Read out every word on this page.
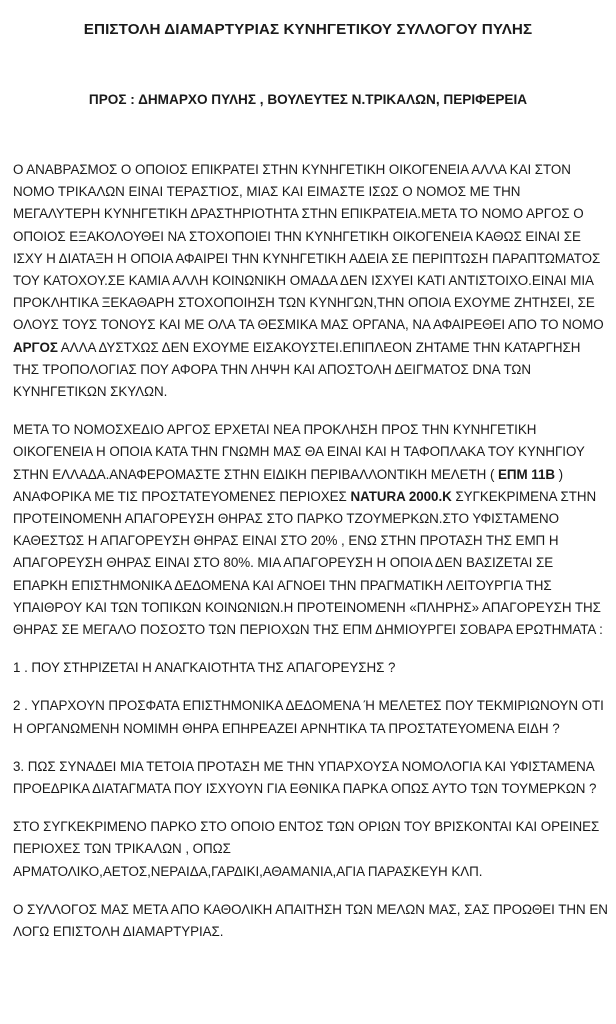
ΕΠΙΣΤΟΛΗ ΔΙΑΜΑΡΤΥΡΙΑΣ ΚΥΝΗΓΕΤΙΚΟΥ ΣΥΛΛΟΓΟΥ ΠΥΛΗΣ
ΠΡΟΣ : ΔΗΜΑΡΧΟ ΠΥΛΗΣ , ΒΟΥΛΕΥΤΕΣ Ν.ΤΡΙΚΑΛΩΝ, ΠΕΡΙΦΕΡΕΙΑ

Ο ΑΝΑΒΡΑΣΜΟΣ Ο ΟΠΟΙΟΣ ΕΠΙΚΡΑΤΕΙ ΣΤΗΝ ΚΥΝΗΓΕΤΙΚΗ ΟΙΚΟΓΕΝΕΙΑ ΑΛΛΑ ΚΑΙ ΣΤΟΝ ΝΟΜΟ ΤΡΙΚΑΛΩΝ ΕΙΝΑΙ ΤΕΡΑΣΤΙΟΣ, ΜΙΑΣ ΚΑΙ ΕΙΜΑΣΤΕ ΙΣΩΣ Ο ΝΟΜΟΣ ΜΕ ΤΗΝ ΜΕΓΑΛΥΤΕΡΗ ΚΥΝΗΓΕΤΙΚΗ ΔΡΑΣΤΗΡΙΟΤΗΤΑ ΣΤΗΝ ΕΠΙΚΡΑΤΕΙΑ.ΜΕΤΑ ΤΟ ΝΟΜΟ ΑΡΓΟΣ Ο ΟΠΟΙΟΣ ΕΞΑΚΟΛΟΥΘΕΙ ΝΑ ΣΤΟΧΟΠΟΙΕΙ ΤΗΝ ΚΥΝΗΓΕΤΙΚΗ ΟΙΚΟΓΕΝΕΙΑ ΚΑΘΩΣ ΕΙΝΑΙ ΣΕ ΙΣΧΥ Η ΔΙΑΤΑΞΗ Η ΟΠΟΙΑ ΑΦΑΙΡΕΙ ΤΗΝ ΚΥΝΗΓΕΤΙΚΗ ΑΔΕΙΑ ΣΕ ΠΕΡΙΠΤΩΣΗ ΠΑΡΑΠΤΩΜΑΤΟΣ ΤΟΥ ΚΑΤΟΧΟΥ.ΣΕ ΚΑΜΙΑ ΑΛΛΗ ΚΟΙΝΩΝΙΚΗ ΟΜΑΔΑ ΔΕΝ ΙΣΧΥΕΙ ΚΑΤΙ ΑΝΤΙΣΤΟΙΧΟ.ΕΙΝΑΙ ΜΙΑ ΠΡΟΚΛΗΤΙΚΑ ΞΕΚΑΘΑΡΗ ΣΤΟΧΟΠΟΙΗΣΗ ΤΩΝ ΚΥΝΗΓΩΝ,ΤΗΝ ΟΠΟΙΑ ΕΧΟΥΜΕ ΖΗΤΗΣΕΙ, ΣΕ ΟΛΟΥΣ ΤΟΥΣ ΤΟΝΟΥΣ ΚΑΙ ΜΕ ΟΛΑ ΤΑ ΘΕΣΜΙΚΑ ΜΑΣ ΟΡΓΑΝΑ, ΝΑ ΑΦΑΙΡΕΘΕΙ ΑΠΟ ΤΟ ΝΟΜΟ ΑΡΓΟΣ ΑΛΛΑ ΔΥΣΤΧΩΣ ΔΕΝ ΕΧΟΥΜΕ ΕΙΣΑΚΟΥΣΤΕΙ.ΕΠΙΠΛΕΟΝ ΖΗΤΑΜΕ ΤΗΝ ΚΑΤΑΡΓΗΣΗ ΤΗΣ ΤΡΟΠΟΛΟΓΙΑΣ ΠΟΥ ΑΦΟΡΑ ΤΗΝ ΛΗΨΗ ΚΑΙ ΑΠΟΣΤΟΛΗ ΔΕΙΓΜΑΤΟΣ DNA ΤΩΝ ΚΥΝΗΓΕΤΙΚΩΝ ΣΚΥΛΩΝ.

ΜΕΤΑ ΤΟ ΝΟΜΟΣΧΕΔΙΟ ΑΡΓΟΣ ΕΡΧΕΤΑΙ ΝΕΑ ΠΡΟΚΛΗΣΗ ΠΡΟΣ ΤΗΝ ΚΥΝΗΓΕΤΙΚΗ ΟΙΚΟΓΕΝΕΙΑ Η ΟΠΟΙΑ ΚΑΤΑ ΤΗΝ ΓΝΩΜΗ ΜΑΣ ΘΑ ΕΙΝΑΙ ΚΑΙ Η ΤΑΦΟΠΛΑΚΑ ΤΟΥ ΚΥΝΗΓΙΟΥ ΣΤΗΝ ΕΛΛΑΔΑ.ΑΝΑΦΕΡΟΜΑΣΤΕ ΣΤΗΝ ΕΙΔΙΚΗ ΠΕΡΙΒΑΛΛΟΝΤΙΚΗ ΜΕΛΕΤΗ ( ΕΠΜ 11Β ) ΑΝΑΦΟΡΙΚΑ ΜΕ ΤΙΣ ΠΡΟΣΤΑΤΕΥΟΜΕΝΕΣ ΠΕΡΙΟΧΕΣ NATURA 2000.Κ ΣΥΓΚΕΚΡΙΜΕΝΑ ΣΤΗΝ ΠΡΟΤΕΙΝΟΜΕΝΗ ΑΠΑΓΟΡΕΥΣΗ ΘΗΡΑΣ ΣΤΟ ΠΑΡΚΟ ΤΖΟΥΜΕΡΚΩΝ.ΣΤΟ ΥΦΙΣΤΑΜΕΝΟ ΚΑΘΕΣΤΩΣ Η ΑΠΑΓΟΡΕΥΣΗ ΘΗΡΑΣ ΕΙΝΑΙ ΣΤΟ 20% , ΕΝΩ ΣΤΗΝ ΠΡΟΤΑΣΗ ΤΗΣ ΕΜΠ Η ΑΠΑΓΟΡΕΥΣΗ ΘΗΡΑΣ ΕΙΝΑΙ ΣΤΟ 80%. ΜΙΑ ΑΠΑΓΟΡΕΥΣΗ Η ΟΠΟΙΑ ΔΕΝ ΒΑΣΙΖΕΤΑΙ ΣΕ ΕΠΑΡΚΗ ΕΠΙΣΤΗΜΟΝΙΚΑ ΔΕΔΟΜΕΝΑ ΚΑΙ ΑΓΝΟΕΙ ΤΗΝ ΠΡΑΓΜΑΤΙΚΗ ΛΕΙΤΟΥΡΓΙΑ ΤΗΣ ΥΠΑΙΘΡΟΥ ΚΑΙ ΤΩΝ ΤΟΠΙΚΩΝ ΚΟΙΝΩΝΙΩΝ.Η ΠΡΟΤΕΙΝΟΜΕΝΗ «ΠΛΗΡΗΣ» ΑΠΑΓΟΡΕΥΣΗ ΤΗΣ ΘΗΡΑΣ ΣΕ ΜΕΓΑΛΟ ΠΟΣΟΣΤΟ ΤΩΝ ΠΕΡΙΟΧΩΝ ΤΗΣ ΕΠΜ ΔΗΜΙΟΥΡΓΕΙ ΣΟΒΑΡΑ ΕΡΩΤΗΜΑΤΑ :

1 . ΠΟΥ ΣΤΗΡΙΖΕΤΑΙ Η ΑΝΑΓΚΑΙΟΤΗΤΑ ΤΗΣ ΑΠΑΓΟΡΕΥΣΗΣ ?

2 . ΥΠΑΡΧΟΥΝ ΠΡΟΣΦΑΤΑ ΕΠΙΣΤΗΜΟΝΙΚΑ ΔΕΔΟΜΕΝΑ Ή ΜΕΛΕΤΕΣ ΠΟΥ ΤΕΚΜΙΡΙΩΝΟΥΝ ΟΤΙ Η ΟΡΓΑΝΩΜΕΝΗ ΝΟΜΙΜΗ ΘΗΡΑ ΕΠΗΡΕΑΖΕΙ ΑΡΝΗΤΙΚΑ ΤΑ ΠΡΟΣΤΑΤΕΥΟΜΕΝΑ ΕΙΔΗ ?

3. ΠΩΣ ΣΥΝΑΔΕΙ ΜΙΑ ΤΕΤΟΙΑ ΠΡΟΤΑΣΗ ΜΕ ΤΗΝ ΥΠΑΡΧΟΥΣΑ ΝΟΜΟΛΟΓΙΑ ΚΑΙ ΥΦΙΣΤΑΜΕΝΑ ΠΡΟΕΔΡΙΚΑ ΔΙΑΤΑΓΜΑΤΑ ΠΟΥ ΙΣΧΥΟΥΝ ΓΙΑ ΕΘΝΙΚΑ ΠΑΡΚΑ ΟΠΩΣ ΑΥΤΟ ΤΩΝ ΤΟΥΜΕΡΚΩΝ ?

ΣΤΟ ΣΥΓΚΕΚΡΙΜΕΝΟ ΠΑΡΚΟ ΣΤΟ ΟΠΟΙΟ ΕΝΤΟΣ ΤΩΝ ΟΡΙΩΝ ΤΟΥ ΒΡΙΣΚΟΝΤΑΙ ΚΑΙ ΟΡΕΙΝΕΣ ΠΕΡΙΟΧΕΣ ΤΩΝ ΤΡΙΚΑΛΩΝ , ΟΠΩΣ
ΑΡΜΑΤΟΛΙΚΟ,ΑΕΤΟΣ,ΝΕΡΑΙΔΑ,ΓΑΡΔΙΚΙ,ΑΘΑΜΑΝΙΑ,ΑΓΙΑ ΠΑΡΑΣΚΕΥΗ ΚΛΠ.

Ο ΣΥΛΛΟΓΟΣ ΜΑΣ ΜΕΤΑ ΑΠΟ ΚΑΘΟΛΙΚΗ ΑΠΑΙΤΗΣΗ ΤΩΝ ΜΕΛΩΝ ΜΑΣ, ΣΑΣ ΠΡΟΩΘΕΙ ΤΗΝ ΕΝ ΛΟΓΩ ΕΠΙΣΤΟΛΗ ΔΙΑΜΑΡΤΥΡΙΑΣ.
